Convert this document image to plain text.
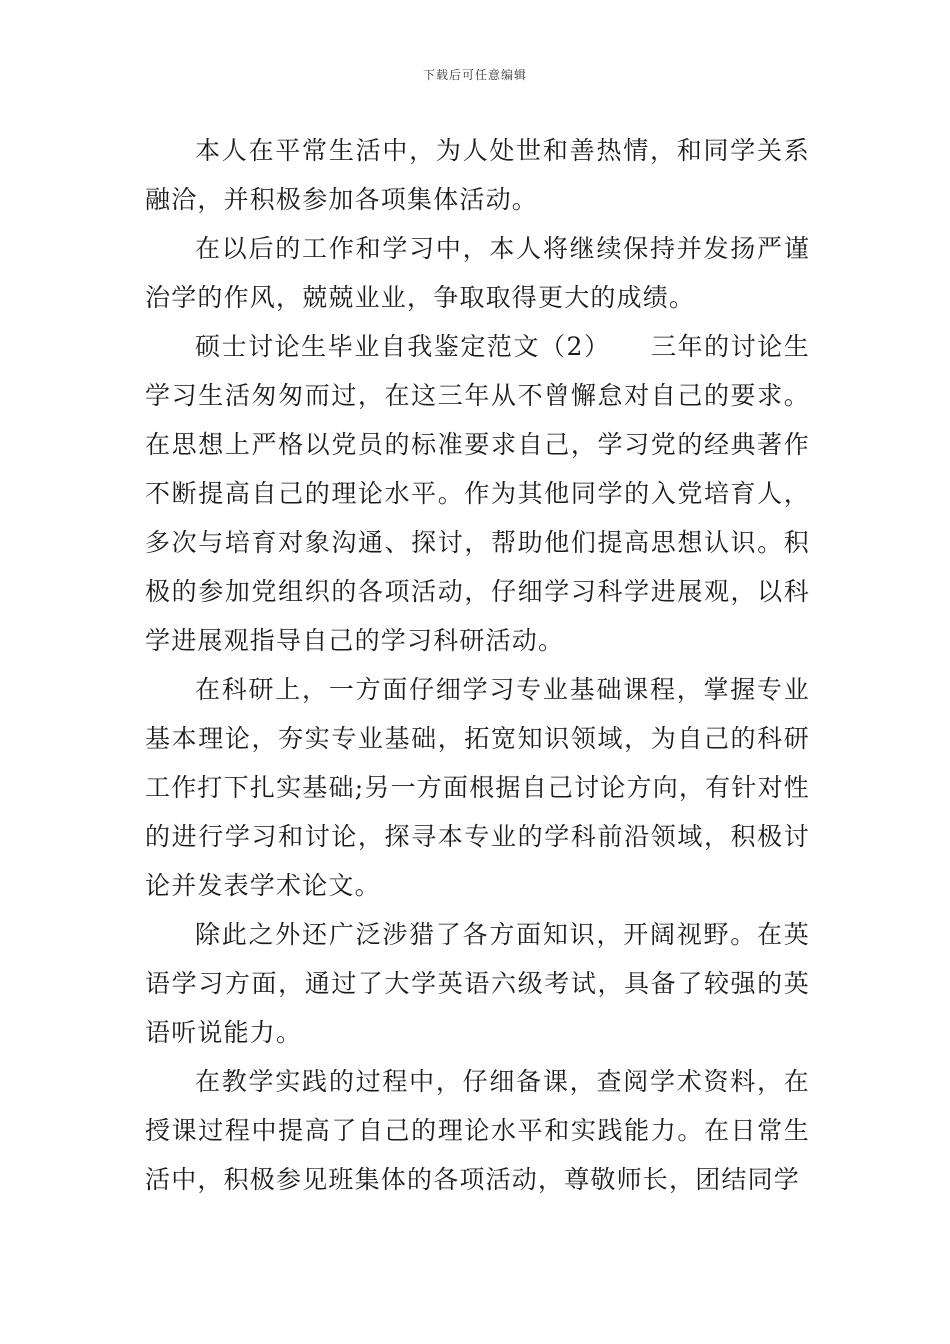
下载后可任意编辑

本人在平常生活中，为人处世和善热情，和同学关系融洽，并积极参加各项集体活动。

在以后的工作和学习中，本人将继续保持并发扬严谨治学的作风，兢兢业业，争取取得更大的成绩。

硕士讨论生毕业自我鉴定范文（2）　　三年的讨论生学习生活匆匆而过，在这三年从不曾懈怠对自己的要求。在思想上严格以党员的标准要求自己，学习党的经典著作不断提高自己的理论水平。作为其他同学的入党培育人，多次与培育对象沟通、探讨，帮助他们提高思想认识。积极的参加党组织的各项活动，仔细学习科学进展观，以科学进展观指导自己的学习科研活动。

在科研上，一方面仔细学习专业基础课程，掌握专业基本理论，夯实专业基础，拓宽知识领域，为自己的科研工作打下扎实基础;另一方面根据自己讨论方向，有针对性的进行学习和讨论，探寻本专业的学科前沿领域，积极讨论并发表学术论文。

除此之外还广泛涉猎了各方面知识，开阔视野。在英语学习方面，通过了大学英语六级考试，具备了较强的英语听说能力。

在教学实践的过程中，仔细备课，查阅学术资料，在授课过程中提高了自己的理论水平和实践能力。在日常生活中，积极参见班集体的各项活动，尊敬师长，团结同学
